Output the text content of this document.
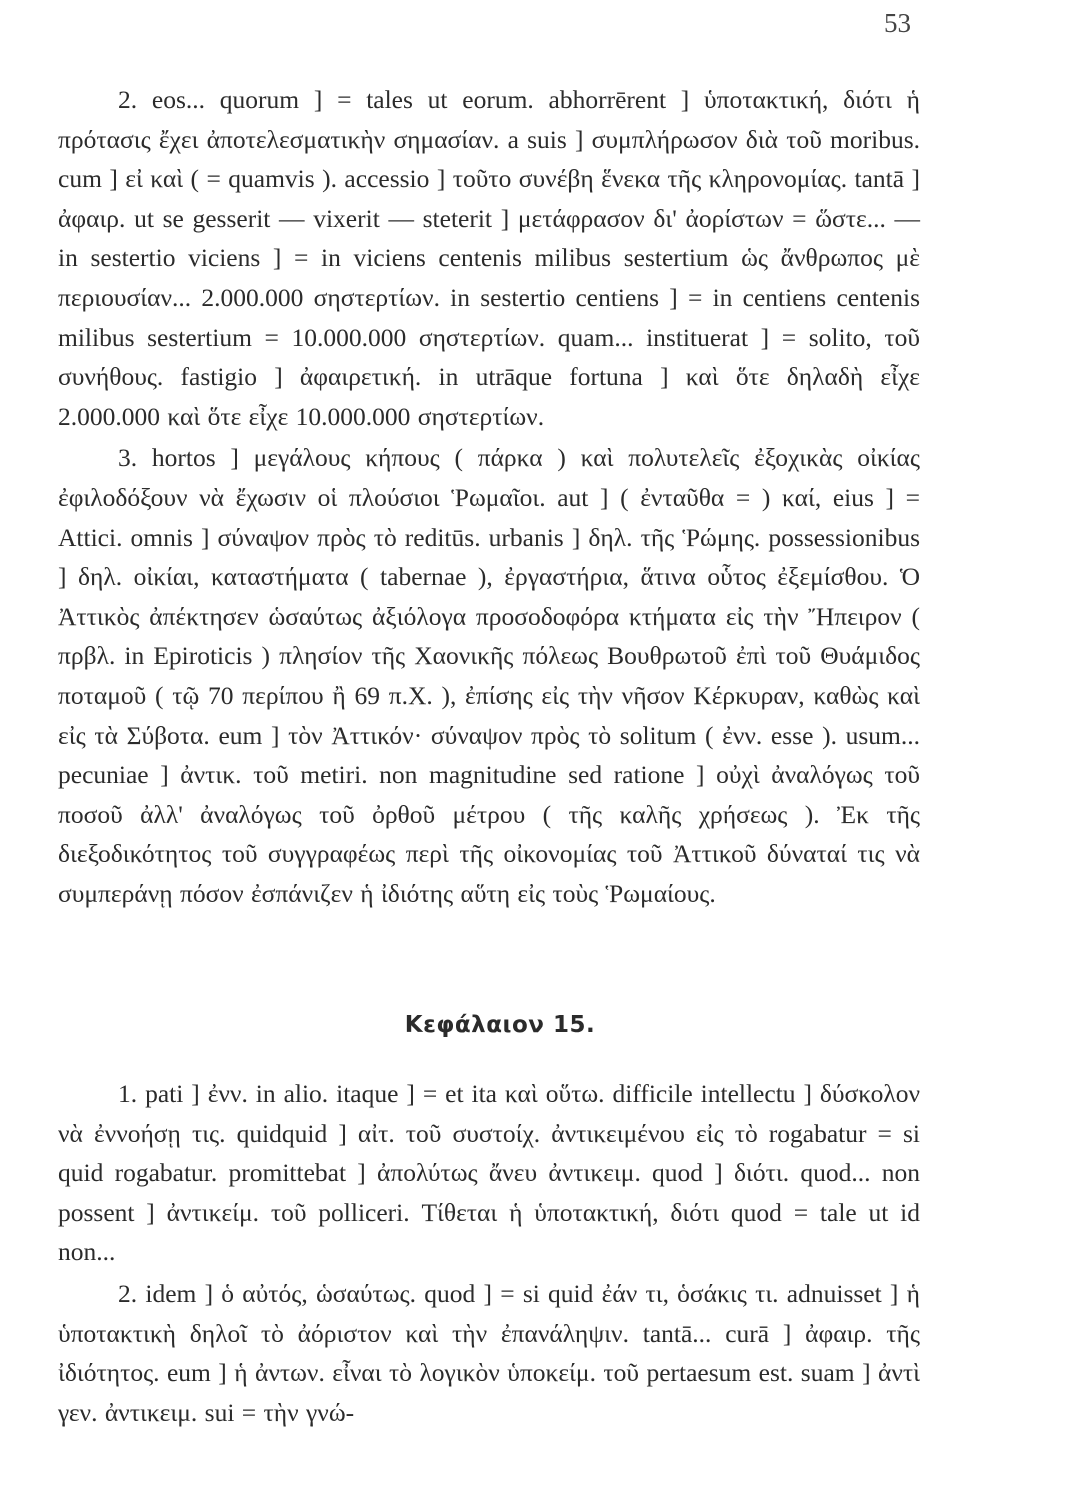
53

2. eos... quorum ] = tales ut eorum. abhorrērent ] ὑποτακτική, διότι ἡ πρότασις ἔχει ἀποτελεσματικὴν σημασίαν. a suis ] συμπλήρωσον διὰ τοῦ moribus. cum ] εἰ καὶ ( = quamvis ). accessio ] τοῦτο συνέβη ἕνεκα τῆς κληρονομίας. tantā ] ἀφαιρ. ut se gesserit — vixerit — steterit ] μετάφρασον δι' ἀορίστων = ὥστε... — in sestertio viciens ] = in viciens centenis milibus sestertium ὡς ἄνθρωπος μὲ περιουσίαν... 2.000.000 σηστερτίων. in sestertio centiens ] = in centiens centenis milibus sestertium = 10.000.000 σηστερτίων. quam... instituerat ] = solito, τοῦ συνήθους. fastigio ] ἀφαιρετική. in utrāque fortuna ] καὶ ὅτε δηλαδὴ εἶχε 2.000.000 καὶ ὅτε εἶχε 10.000.000 σηστερτίων.

3. hortos ] μεγάλους κήπους ( πάρκα ) καὶ πολυτελεῖς ἐξοχικὰς οἰκίας ἐφιλοδόξουν νὰ ἔχωσιν οἱ πλούσιοι Ῥωμαῖοι. aut ] ( ἐνταῦθα = ) καί, eius ] = Attici. omnis ] σύναψον πρὸς τὸ reditūs. urbanis ] δηλ. τῆς Ῥώμης. possessionibus ] δηλ. οἰκίαι, καταστήματα ( tabernae ), ἐργαστήρια, ἅτινα οὗτος ἐξεμίσθου. Ὁ Ἀττικὸς ἀπέκτησεν ὡσαύτως ἀξιόλογα προσοδοφόρα κτήματα εἰς τὴν Ἤπειρον ( πρβλ. in Epiroticis ) πλησίον τῆς Χαονικῆς πόλεως Βουθρωτοῦ ἐπὶ τοῦ Θυάμιδος ποταμοῦ ( τῷ 70 περίπου ἢ 69 π.Χ. ), ἐπίσης εἰς τὴν νῆσον Κέρκυραν, καθὼς καὶ εἰς τὰ Σύβοτα. eum ] τὸν Ἀττικόν· σύναψον πρὸς τὸ solitum ( ἐνν. esse ). usum... pecuniae ] ἀντικ. τοῦ metiri. non magnitudine sed ratione ] οὐχὶ ἀναλόγως τοῦ ποσοῦ ἀλλ' ἀναλόγως τοῦ ὀρθοῦ μέτρου ( τῆς καλῆς χρήσεως ). Ἐκ τῆς διεξοδικότητος τοῦ συγγραφέως περὶ τῆς οἰκονομίας τοῦ Ἀττικοῦ δύναταί τις νὰ συμπεράνῃ πόσον ἐσπάνιζεν ἡ ἰδιότης αὕτη εἰς τοὺς Ῥωμαίους.

Κεφάλαιον 15.

1. pati ] ἐνν. in alio. itaque ] = et ita καὶ οὕτω. difficile intellectu ] δύσκολον νὰ ἐννοήσῃ τις. quidquid ] αἰτ. τοῦ συστοίχ. ἀντικειμένου εἰς τὸ rogabatur = si quid rogabatur. promittebat ] ἀπολύτως ἄνευ ἀντικειμ. quod ] διότι. quod... non possent ] ἀντικείμ. τοῦ polliceri. Τίθεται ἡ ὑποτακτική, διότι quod = tale ut id non...

2. idem ] ὁ αὐτός, ὡσαύτως. quod ] = si quid ἐάν τι, ὁσάκις τι. adnuisset ] ἡ ὑποτακτικὴ δηλοῖ τὸ ἀόριστον καὶ τὴν ἐπανάληψιν. tantā... curā ] ἀφαιρ. τῆς ἰδιότητος. eum ] ἡ ἀντων. εἶναι τὸ λογικὸν ὑποκείμ. τοῦ pertaesum est. suam ] ἀντὶ γεν. ἀντικειμ. sui = τὴν γνώ-
